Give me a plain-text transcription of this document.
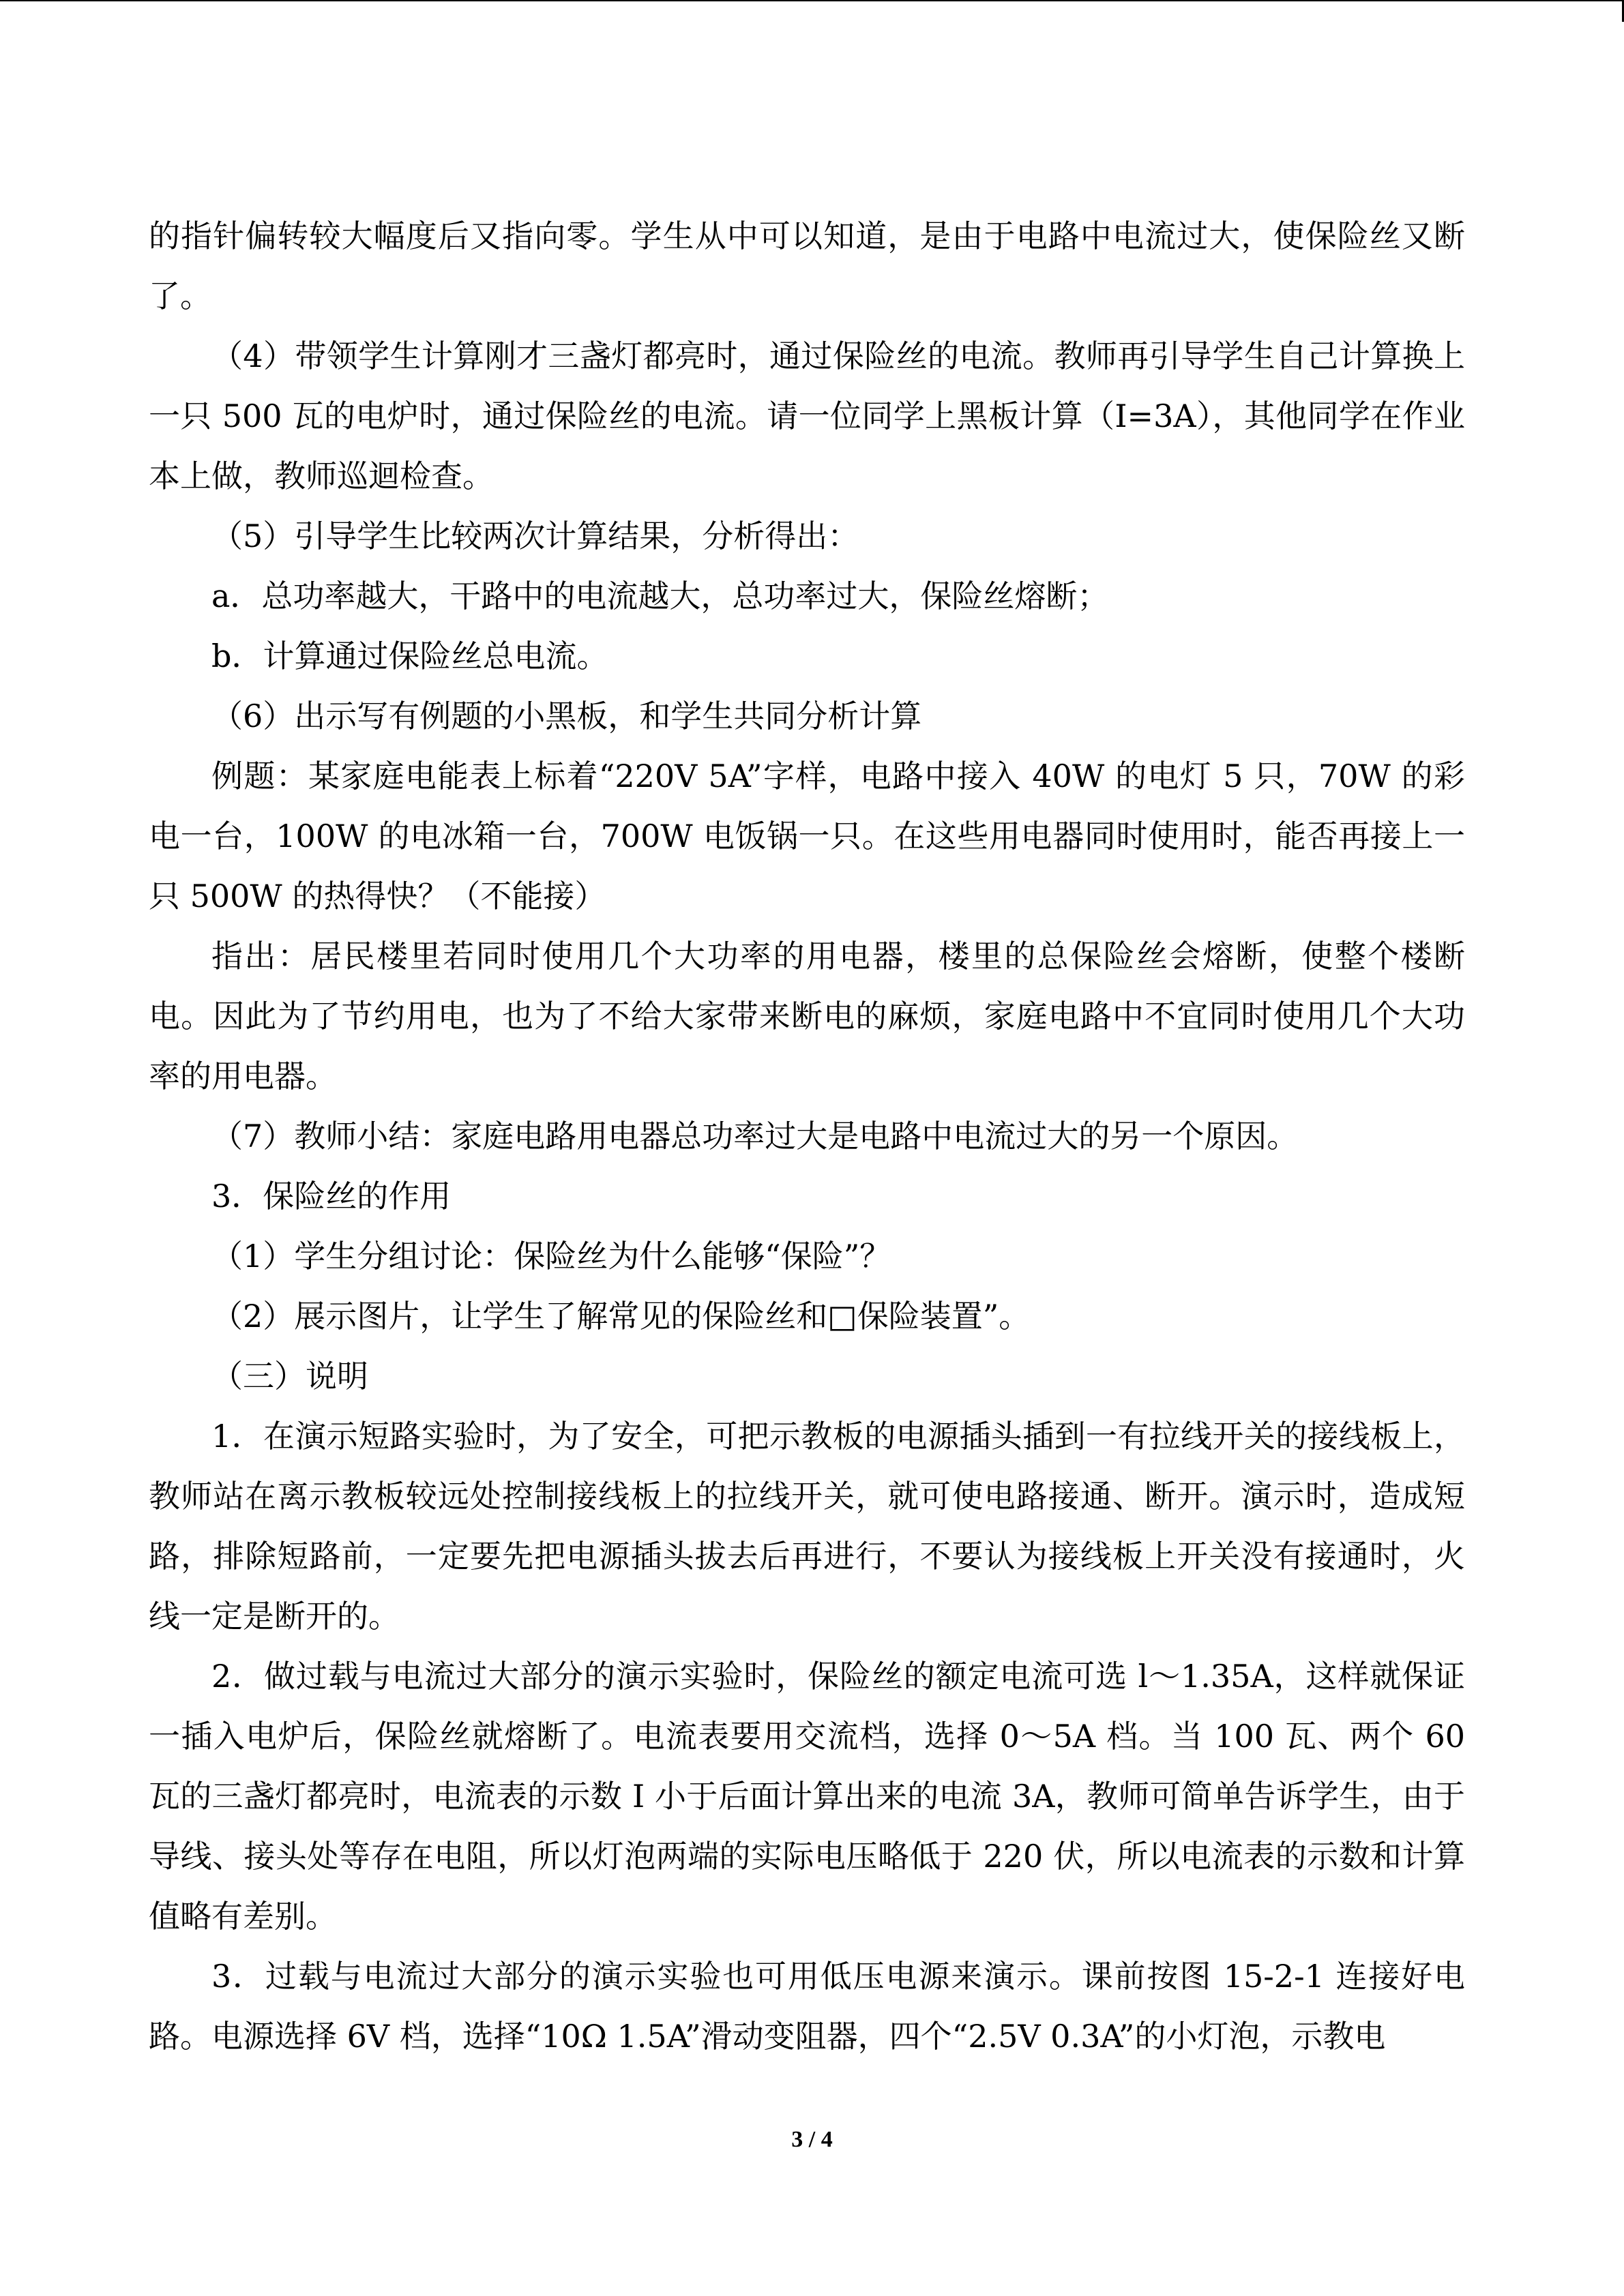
的指针偏转较大幅度后又指向零。学生从中可以知道，是由于电路中电流过大，使保险丝又断了。

（4）带领学生计算刚才三盏灯都亮时，通过保险丝的电流。教师再引导学生自己计算换上一只 500 瓦的电炉时，通过保险丝的电流。请一位同学上黑板计算（I=3A），其他同学在作业本上做，教师巡迴检查。

（5）引导学生比较两次计算结果，分析得出：

a．总功率越大，干路中的电流越大，总功率过大，保险丝熔断；

b．计算通过保险丝总电流。

（6）出示写有例题的小黑板，和学生共同分析计算

例题：某家庭电能表上标着“220V 5A”字样，电路中接入 40W 的电灯 5 只，70W 的彩电一台，100W 的电冰箱一台，700W 电饭锅一只。在这些用电器同时使用时，能否再接上一只 500W 的热得快？（不能接）

指出：居民楼里若同时使用几个大功率的用电器，楼里的总保险丝会熔断，使整个楼断电。因此为了节约用电，也为了不给大家带来断电的麻烦，家庭电路中不宜同时使用几个大功率的用电器。

（7）教师小结：家庭电路用电器总功率过大是电路中电流过大的另一个原因。

3．保险丝的作用

（1）学生分组讨论：保险丝为什么能够“保险”？

（2）展示图片，让学生了解常见的保险丝和□保险装置”。

（三）说明

1．在演示短路实验时，为了安全，可把示教板的电源插头插到一有拉线开关的接线板上，教师站在离示教板较远处控制接线板上的拉线开关，就可使电路接通、断开。演示时，造成短路，排除短路前，一定要先把电源插头拔去后再进行，不要认为接线板上开关没有接通时，火线一定是断开的。

2．做过载与电流过大部分的演示实验时，保险丝的额定电流可选 l～1.35A，这样就保证一插入电炉后，保险丝就熔断了。电流表要用交流档，选择 0～5A 档。当 100 瓦、两个 60 瓦的三盏灯都亮时，电流表的示数 I 小于后面计算出来的电流 3A，教师可简单告诉学生，由于导线、接头处等存在电阻，所以灯泡两端的实际电压略低于 220 伏，所以电流表的示数和计算值略有差别。

3．过载与电流过大部分的演示实验也可用低压电源来演示。课前按图 15-2-1 连接好电路。电源选择 6V 档，选择“10Ω 1.5A”滑动变阻器，四个“2.5V 0.3A”的小灯泡，示教电

3 / 4
